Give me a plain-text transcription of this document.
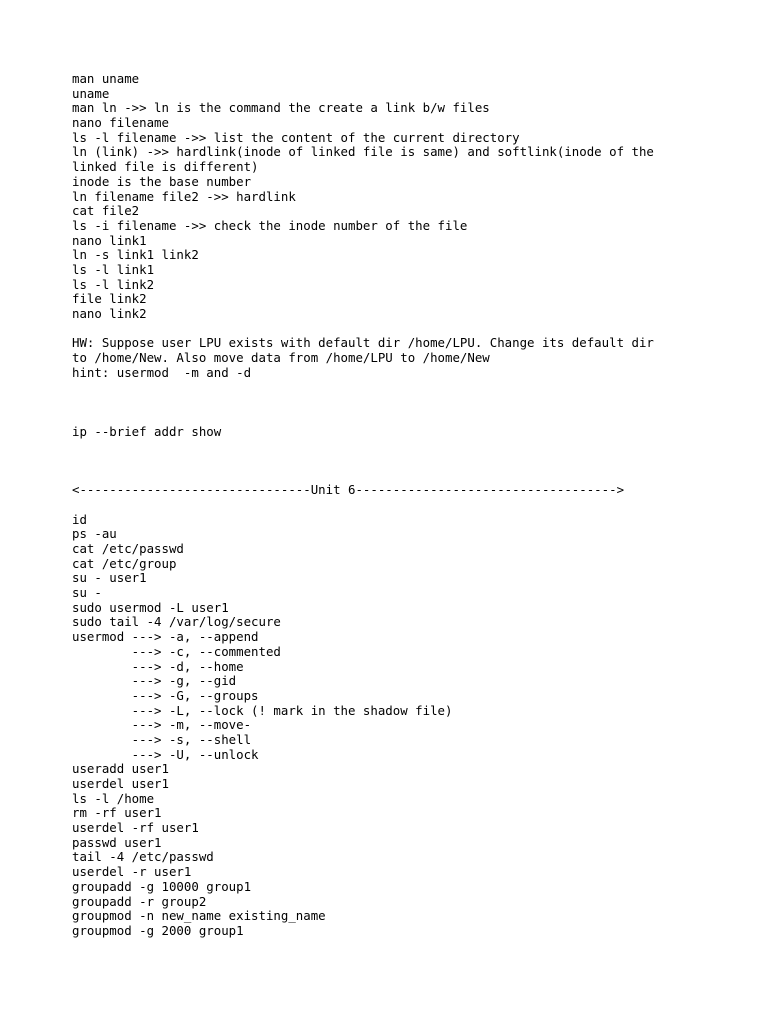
man uname
uname
man ln ->> ln is the command the create a link b/w files
nano filename
ls -l filename ->> list the content of the current directory
ln (link) ->> hardlink(inode of linked file is same) and softlink(inode of the
linked file is different)
inode is the base number
ln filename file2 ->> hardlink
cat file2
ls -i filename ->> check the inode number of the file
nano link1
ln -s link1 link2
ls -l link1
ls -l link2
file link2
nano link2
HW: Suppose user LPU exists with default dir /home/LPU. Change its default dir
to /home/New. Also move data from /home/LPU to /home/New
hint: usermod  -m and -d
ip --brief addr show
<-------------------------------Unit 6----------------------------------->
id
ps -au
cat /etc/passwd
cat /etc/group
su - user1
su -
sudo usermod -L user1
sudo tail -4 /var/log/secure
usermod ---> -a, --append
---> -c, --commented
---> -d, --home
---> -g, --gid
---> -G, --groups
---> -L, --lock (! mark in the shadow file)
---> -m, --move-
---> -s, --shell
---> -U, --unlock
useradd user1
userdel user1
ls -l /home
rm -rf user1
userdel -rf user1
passwd user1
tail -4 /etc/passwd
userdel -r user1
groupadd -g 10000 group1
groupadd -r group2
groupmod -n new_name existing_name
groupmod -g 2000 group1
